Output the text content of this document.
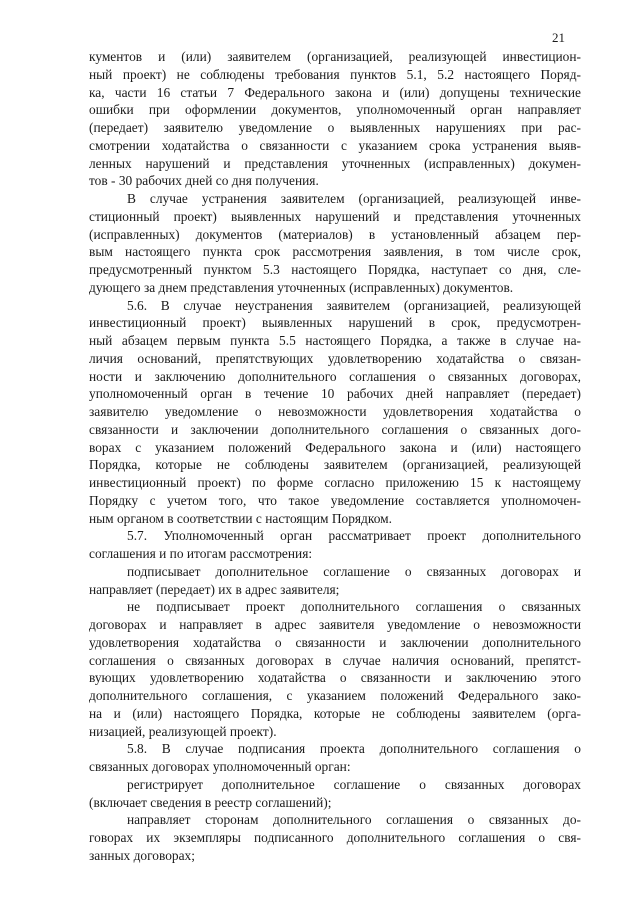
21
кументов и (или) заявителем (организацией, реализующей инвестицион-
ный проект) не соблюдены требования пунктов 5.1, 5.2 настоящего Поряд-
ка, части 16 статьи 7 Федерального закона и (или) допущены технические
ошибки при оформлении документов, уполномоченный орган направляет
(передает) заявителю уведомление о выявленных нарушениях при рас-
смотрении ходатайства о связанности с указанием срока устранения выяв-
ленных нарушений и представления уточненных (исправленных) докумен-
тов - 30 рабочих дней со дня получения.
В случае устранения заявителем (организацией, реализующей инве-
стиционный проект) выявленных нарушений и представления уточненных
(исправленных) документов (материалов) в установленный абзацем пер-
вым настоящего пункта срок рассмотрения заявления, в том числе срок,
предусмотренный пунктом 5.3 настоящего Порядка, наступает со дня, сле-
дующего за днем представления уточненных (исправленных) документов.
5.6. В случае неустранения заявителем (организацией, реализующей
инвестиционный проект) выявленных нарушений в срок, предусмотрен-
ный абзацем первым пункта 5.5 настоящего Порядка, а также в случае на-
личия оснований, препятствующих удовлетворению ходатайства о связан-
ности и заключению дополнительного соглашения о связанных договорах,
уполномоченный орган в течение 10 рабочих дней направляет (передает)
заявителю уведомление о невозможности удовлетворения ходатайства о
связанности и заключении дополнительного соглашения о связанных дого-
ворах с указанием положений Федерального закона и (или) настоящего
Порядка, которые не соблюдены заявителем (организацией, реализующей
инвестиционный проект) по форме согласно приложению 15 к настоящему
Порядку с учетом того, что такое уведомление составляется уполномочен-
ным органом в соответствии с настоящим Порядком.
5.7. Уполномоченный орган рассматривает проект дополнительного
соглашения и по итогам рассмотрения:
подписывает дополнительное соглашение о связанных договорах и
направляет (передает) их в адрес заявителя;
не подписывает проект дополнительного соглашения о связанных
договорах и направляет в адрес заявителя уведомление о невозможности
удовлетворения ходатайства о связанности и заключении дополнительного
соглашения о связанных договорах в случае наличия оснований, препятст-
вующих удовлетворению ходатайства о связанности и заключению этого
дополнительного соглашения, с указанием положений Федерального зако-
на и (или) настоящего Порядка, которые не соблюдены заявителем (орга-
низацией, реализующей проект).
5.8. В случае подписания проекта дополнительного соглашения о
связанных договорах уполномоченный орган:
регистрирует дополнительное соглашение о связанных договорах
(включает сведения в реестр соглашений);
направляет сторонам дополнительного соглашения о связанных до-
говорах их экземпляры подписанного дополнительного соглашения о свя-
занных договорах;
